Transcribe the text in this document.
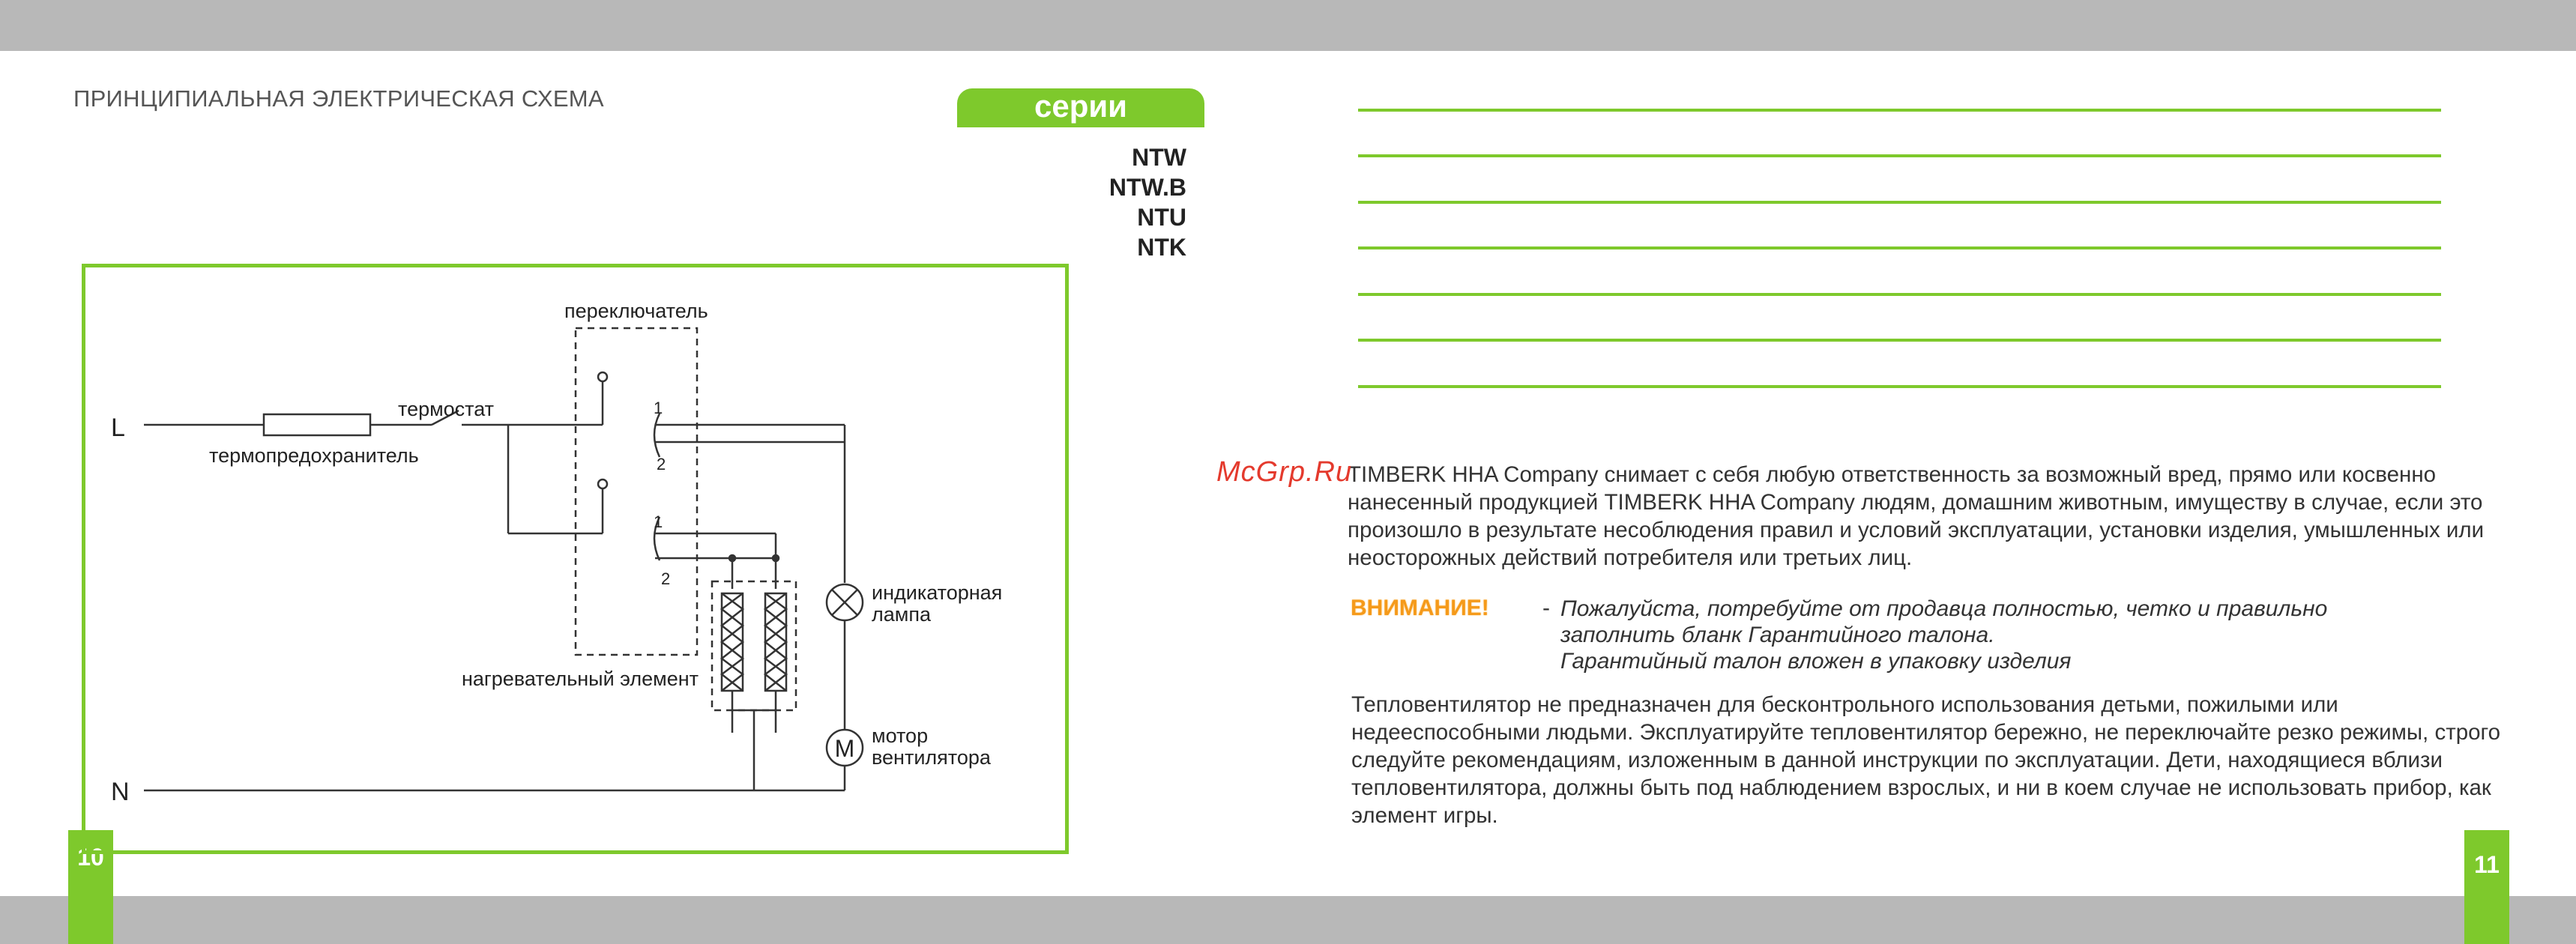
10	11
ПРИНЦИПИАЛЬНАЯ ЭЛЕКТРИЧЕСКАЯ СХЕМА	серии
NTW
NTW.B
NTU
NTK
L
N
термопредохранитель
термостат
переключатель
1
2
1
2
нагревательный элемент
индикаторная
лампа
мотор
вентилятора
M
TIMBERK HHA Company снимает с себя любую ответственность за возможный вред, прямо или косвенно нанесенный продукцией TIMBERK HHA Company людям, домашним животным, имуществу в случае, если это произошло в результате несоблюдения правил и условий эксплуатации, установки изделия, умышленных или неосторожных действий потребителя или третьих лиц.
McGrp.Ru
ВНИМАНИЕ! - Пожалуйста, потребуйте от продавца полностью, четко и правильно
заполнить бланк Гарантийного талона.
Гарантийный талон вложен в упаковку изделия
Тепловентилятор не предназначен для бесконтрольного использования детьми, пожилыми или недееспособными людьми. Эксплуатируйте тепловентилятор бережно, не переключайте резко режимы, строго следуйте рекомендациям, изложенным в данной инструкции по эксплуатации. Дети, находящиеся вблизи тепловентилятора, должны быть под наблюдением взрослых, и ни в коем случае не использовать прибор, как элемент игры.
